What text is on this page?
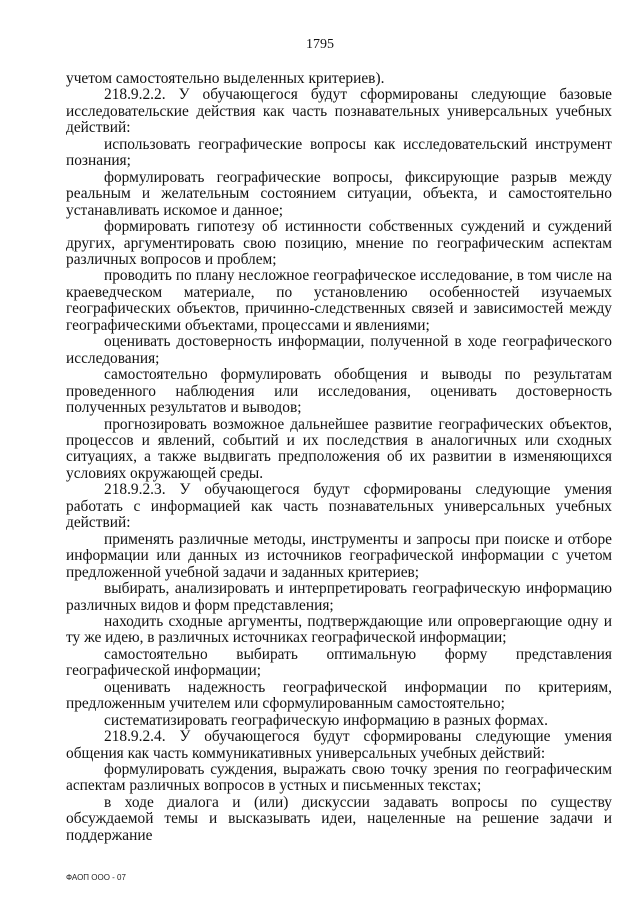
1795

учетом самостоятельно выделенных критериев).

218.9.2.2. У обучающегося будут сформированы следующие базовые исследовательские действия как часть познавательных универсальных учебных действий:

использовать географические вопросы как исследовательский инструмент познания;

формулировать географические вопросы, фиксирующие разрыв между реальным и желательным состоянием ситуации, объекта, и самостоятельно устанавливать искомое и данное;

формировать гипотезу об истинности собственных суждений и суждений других, аргументировать свою позицию, мнение по географическим аспектам различных вопросов и проблем;

проводить по плану несложное географическое исследование, в том числе на краеведческом материале, по установлению особенностей изучаемых географических объектов, причинно-следственных связей и зависимостей между географическими объектами, процессами и явлениями;

оценивать достоверность информации, полученной в ходе географического исследования;

самостоятельно формулировать обобщения и выводы по результатам проведенного наблюдения или исследования, оценивать достоверность полученных результатов и выводов;

прогнозировать возможное дальнейшее развитие географических объектов, процессов и явлений, событий и их последствия в аналогичных или сходных ситуациях, а также выдвигать предположения об их развитии в изменяющихся условиях окружающей среды.

218.9.2.3. У обучающегося будут сформированы следующие умения работать с информацией как часть познавательных универсальных учебных действий:

применять различные методы, инструменты и запросы при поиске и отборе информации или данных из источников географической информации с учетом предложенной учебной задачи и заданных критериев;

выбирать, анализировать и интерпретировать географическую информацию различных видов и форм представления;

находить сходные аргументы, подтверждающие или опровергающие одну и ту же идею, в различных источниках географической информации;

самостоятельно выбирать оптимальную форму представления географической информации;

оценивать надежность географической информации по критериям, предложенным учителем или сформулированным самостоятельно;

систематизировать географическую информацию в разных формах.

218.9.2.4. У обучающегося будут сформированы следующие умения общения как часть коммуникативных универсальных учебных действий:

формулировать суждения, выражать свою точку зрения по географическим аспектам различных вопросов в устных и письменных текстах;

в ходе диалога и (или) дискуссии задавать вопросы по существу обсуждаемой темы и высказывать идеи, нацеленные на решение задачи и поддержание

ФАОП ООО - 07
